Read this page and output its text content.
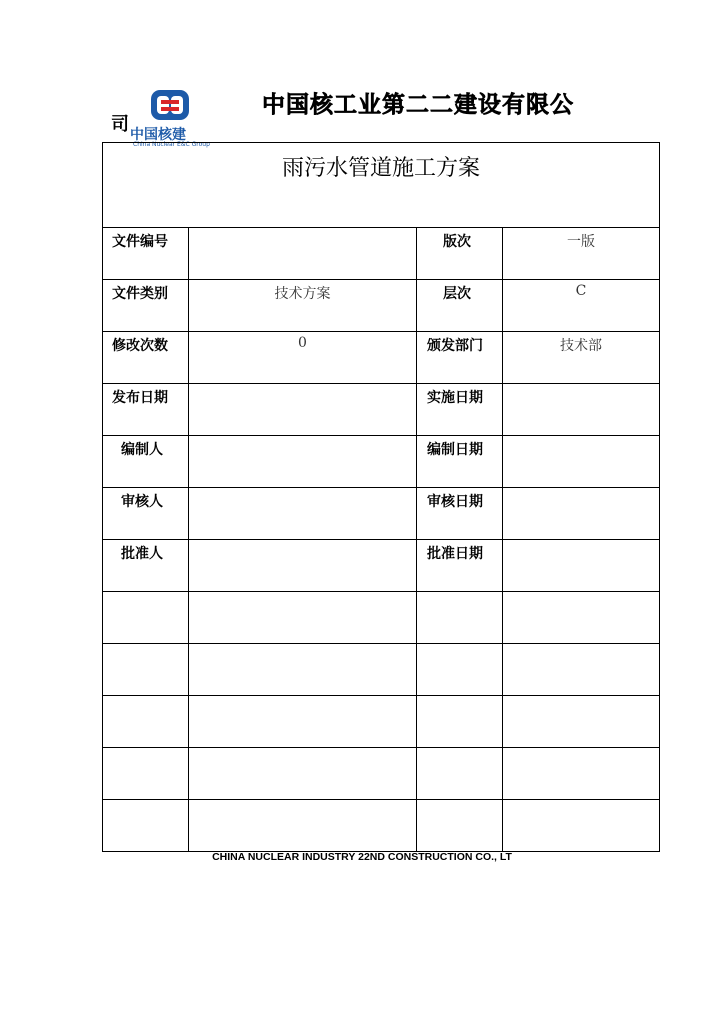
司 中国核建
China Nuclear E&C Group
中国核工业第二二建设有限公
雨污水管道施工方案			

文件编号		版次	一版

文件类别	技术方案	层次	C

修改次数	0	颁发部门	技术部

发布日期		实施日期	

编制人		编制日期	

审核人		审核日期	

批准人		批准日期	

CHINA NUCLEAR INDUSTRY 22ND CONSTRUCTION CO., LT
